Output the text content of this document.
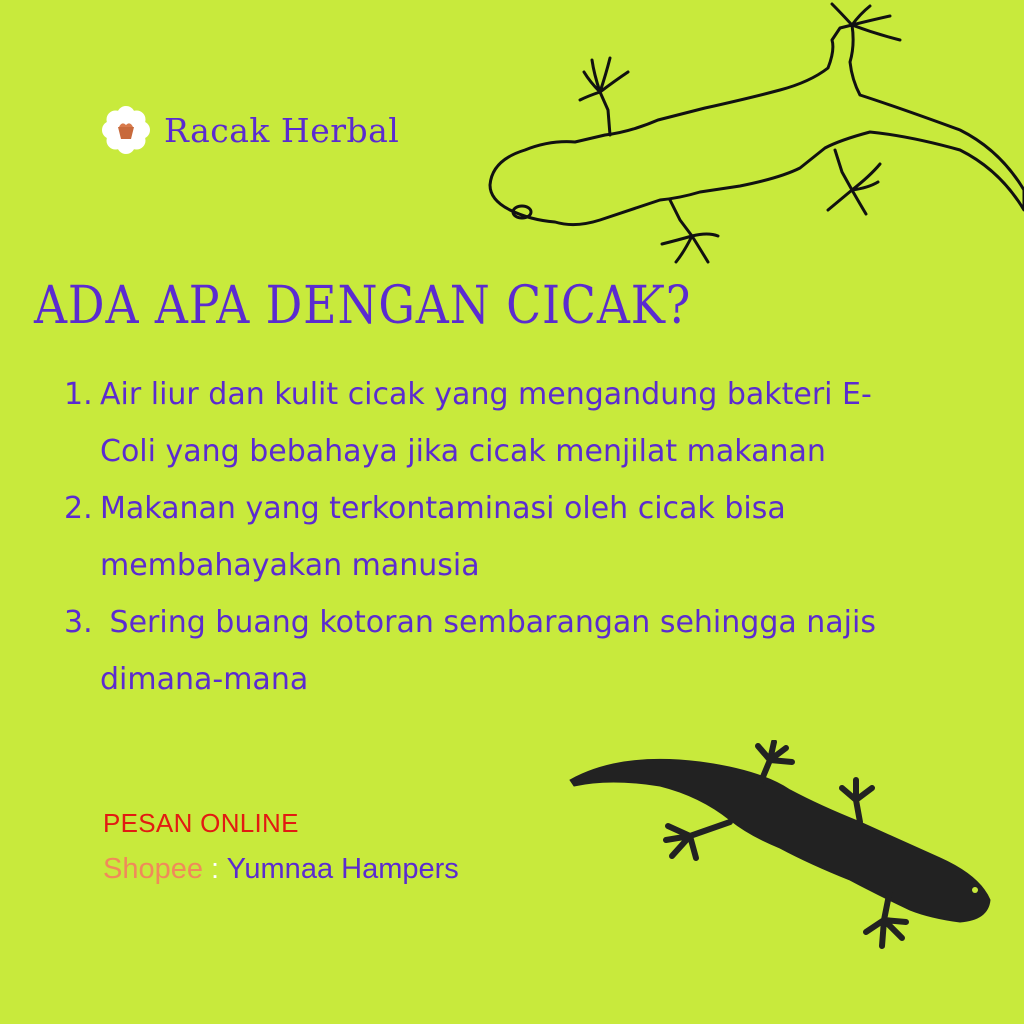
Racak Herbal
ADA APA DENGAN CICAK?
1. Air liur dan kulit cicak yang mengandung bakteri E-Coli yang bebahaya jika cicak menjilat makanan
2. Makanan yang terkontaminasi oleh cicak bisa membahayakan manusia
3. Sering buang kotoran sembarangan sehingga najis dimana-mana
PESAN ONLINE
Shopee : Yumnaa Hampers
